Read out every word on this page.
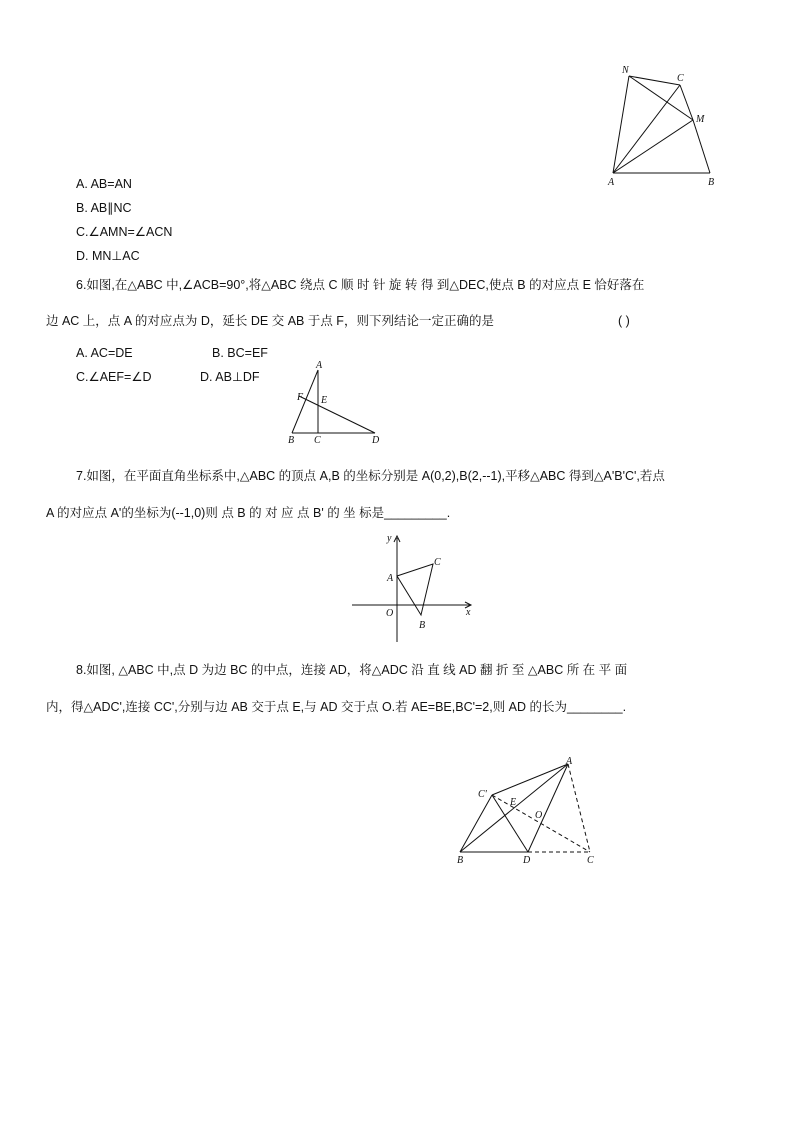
N
C
M
A	B
A. AB=AN
B. AB∥NC
C.∠AMN=∠ACN
D. MN⊥AC
6.如图,在△ABC 中,∠ACB=90°,将△ABC 绕点 C 顺 时 针 旋 转 得 到△DEC,使点 B 的对应点 E 恰好落在
边 AC 上，点 A 的对应点为 D，延长 DE 交 AB 于点 F，则下列结论一定正确的是	( )
A. AC=DE	B. BC=EF
C.∠AEF=∠D	D. AB⊥DF
A
F E
B C	D
7.如图，在平面直角坐标系中,△ABC 的顶点 A,B 的坐标分别是 A(0,2),B(2,--1),平移△ABC 得到△A'B'C',若点
A 的对应点 A'的坐标为(--1,0)则 点 B 的 对 应 点 B' 的 坐 标是_________.
y
x
A
C
O
B
8.如图, △ABC 中,点 D 为边 BC 的中点，连接 AD，将△ADC 沿 直 线 AD 翻 折 至 △ABC 所 在 平 面
内，得△ADC',连接 CC',分别与边 AB 交于点 E,与 AD 交于点 O.若 AE=BE,BC'=2,则 AD 的长为________.
A
C'
E
O
B	D	C
